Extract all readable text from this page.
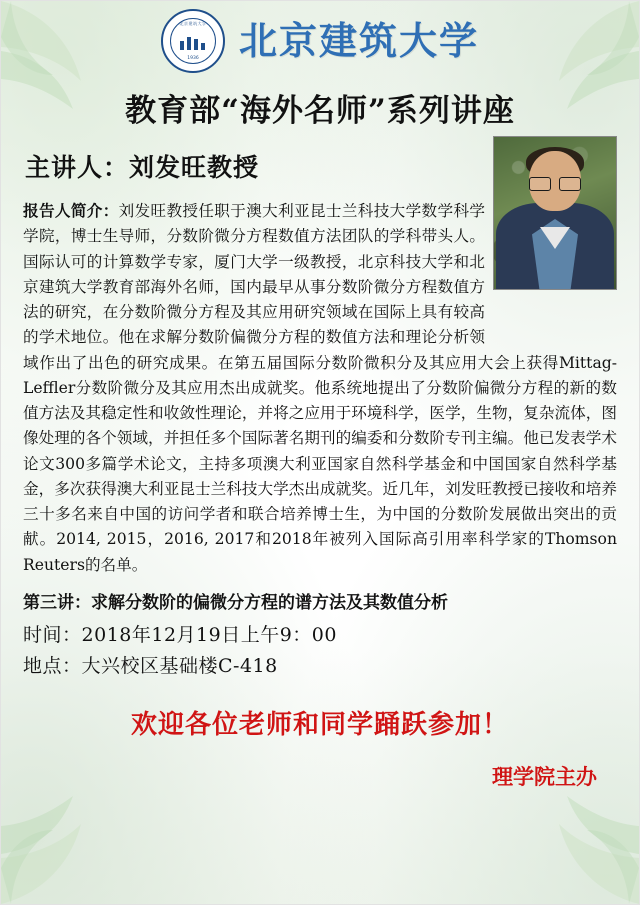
北京建筑大学
1936 北京建筑大学
教育部“海外名师”系列讲座
主讲人：刘发旺教授
报告人简介：刘发旺教授任职于澳大利亚昆士兰科技大学数学科学学院，博士生导师，分数阶微分方程数值方法团队的学科带头人。国际认可的计算数学专家，厦门大学一级教授，北京科技大学和北京建筑大学教育部海外名师，国内最早从事分数阶微分方程数值方法的研究，在分数阶微分方程及其应用研究领域在国际上具有较高的学术地位。他在求解分数阶偏微分方程的数值方法和理论分析领域作出了出色的研究成果。在第五届国际分数阶微积分及其应用大会上获得Mittag-Leffler分数阶微分及其应用杰出成就奖。他系统地提出了分数阶偏微分方程的新的数值方法及其稳定性和收敛性理论，并将之应用于环境科学，医学，生物，复杂流体，图像处理的各个领域，并担任多个国际著名期刊的编委和分数阶专刊主编。他已发表学术论文300多篇学术论文，主持多项澳大利亚国家自然科学基金和中国国家自然科学基金，多次获得澳大利亚昆士兰科技大学杰出成就奖。近几年，刘发旺教授已接收和培养三十多名来自中国的访问学者和联合培养博士生，为中国的分数阶发展做出突出的贡献。2014, 2015，2016, 2017和2018年被列入国际高引用率科学家的Thomson Reuters的名单。
第三讲：求解分数阶的偏微分方程的谱方法及其数值分析
时间：2018年12月19日上午9：00
地点：大兴校区基础楼C-418
欢迎各位老师和同学踊跃参加！
理学院主办
